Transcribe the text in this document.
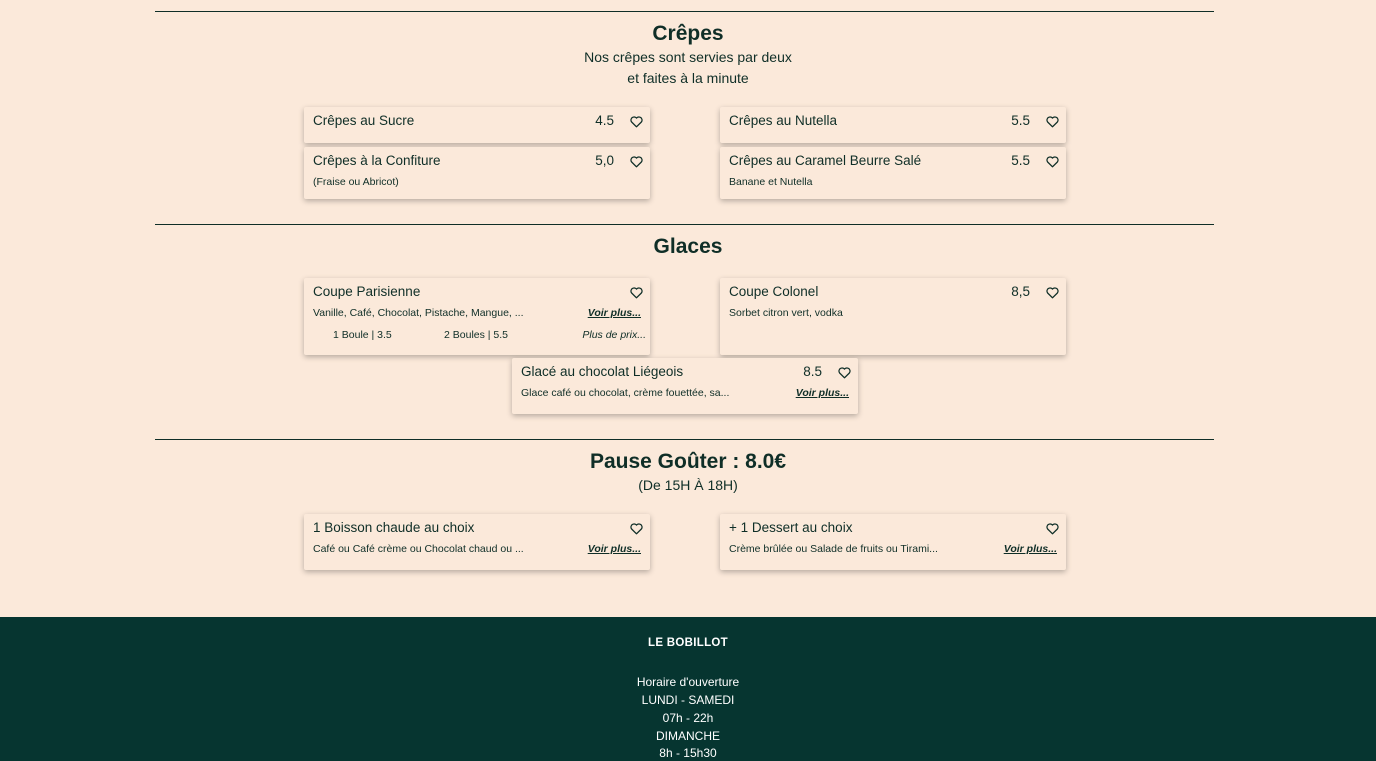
Crêpes
Nos crêpes sont servies par deux
et faites à la minute
Crêpes au Sucre	4.5	Crêpes au Nutella	5.5
Crêpes à la Confiture	5,0
(Fraise ou Abricot)
Crêpes au Caramel Beurre Salé	5.5
Banane et Nutella
Glaces
Coupe Parisienne
Vanille, Café, Chocolat, Pistache, Mangue, ...	Voir plus...
1 Boule | 3.5	2 Boules | 5.5	Plus de prix...
Coupe Colonel	8,5
Sorbet citron vert, vodka
Glacé au chocolat Liégeois	8.5
Glace café ou chocolat, crème fouettée, sa...	Voir plus...
Pause Goûter : 8.0€
(De 15H À 18H)
1 Boisson chaude au choix
Café ou Café crème ou Chocolat chaud ou ...	Voir plus...
+ 1 Dessert au choix
Crème brûlée ou Salade de fruits ou Tirami...	Voir plus...
LE BOBILLOT
Horaire d'ouverture
LUNDI - SAMEDI
07h - 22h
DIMANCHE
8h - 15h30
